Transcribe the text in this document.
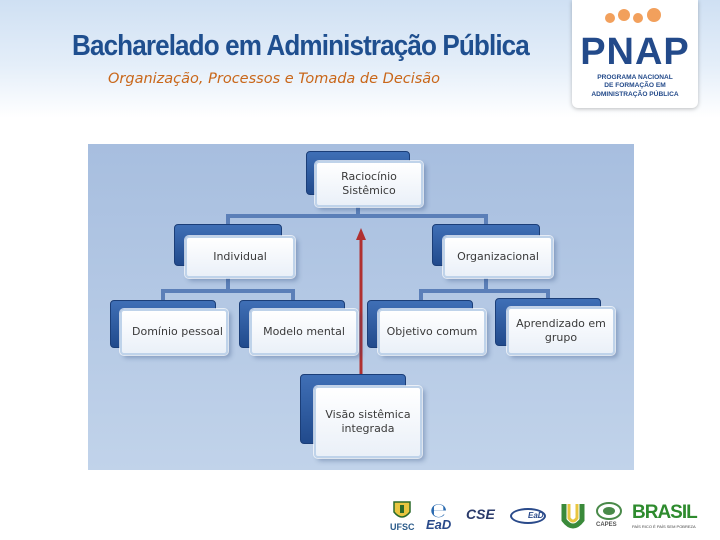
Bacharelado em Administração Pública
Organização, Processos e Tomada de Decisão
PNAP
PROGRAMA NACIONAL
DE FORMAÇÃO EM
ADMINISTRAÇÃO PÚBLICA
Raciocínio
Sistêmico
Individual	Organizacional
Domínio pessoal	Modelo mental	Objetivo comum
Aprendizado em
grupo
Visão sistêmica
integrada
UFSC
℮
EaD
CSE	EaD
CAPES
BRASIL
PAÍS RICO É PAÍS SEM POBREZA
